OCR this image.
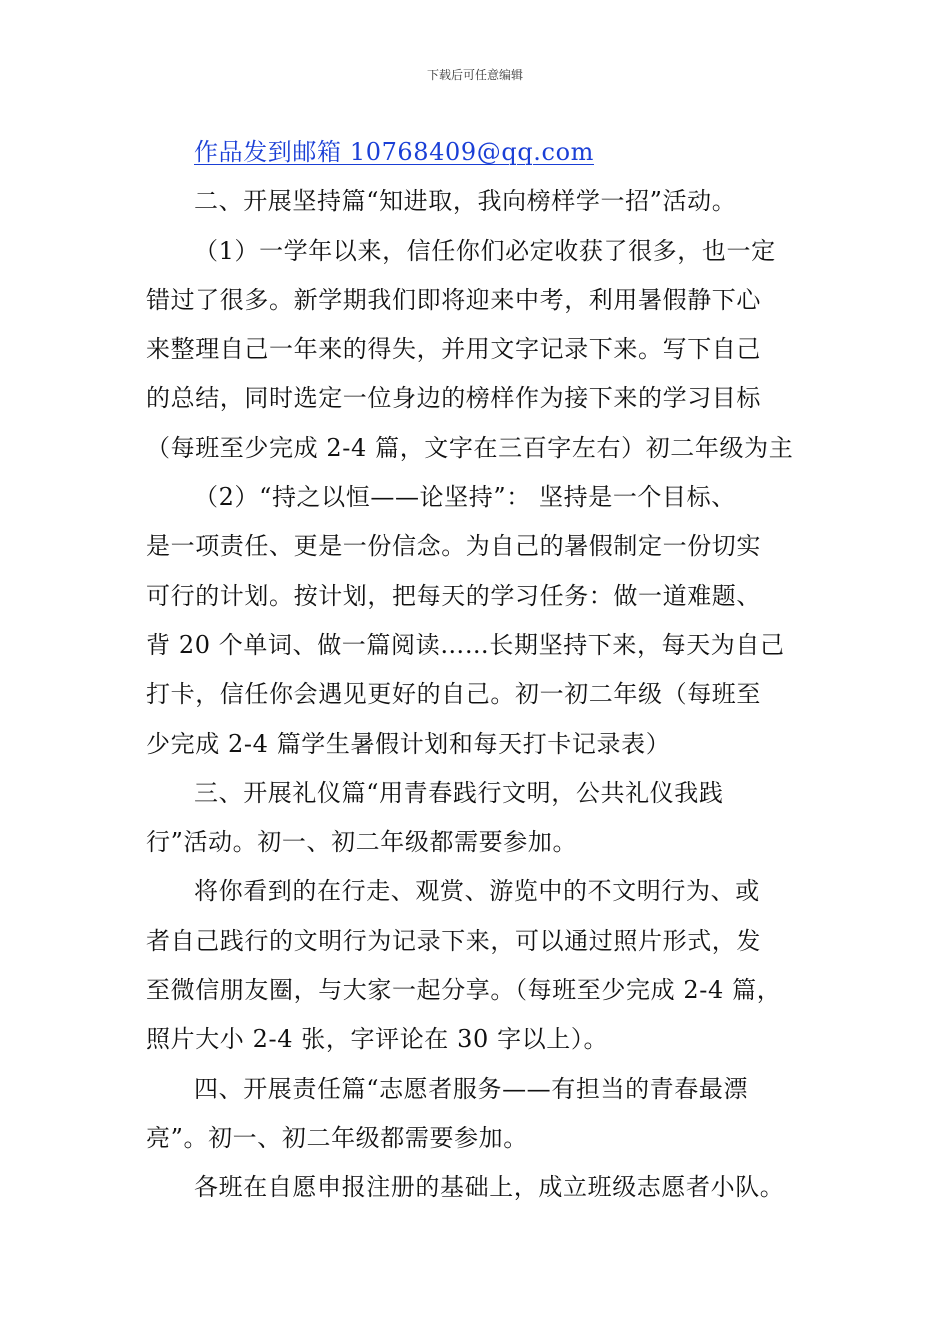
下载后可任意编辑
作品发到邮箱 10768409@qq.com
二、开展坚持篇“知进取，我向榜样学一招”活动。
（1）一学年以来，信任你们必定收获了很多，也一定
错过了很多。新学期我们即将迎来中考，利用暑假静下心
来整理自己一年来的得失，并用文字记录下来。写下自己
的总结，同时选定一位身边的榜样作为接下来的学习目标
（每班至少完成 2-4 篇，文字在三百字左右）初二年级为主
（2）“持之以恒——论坚持”： 坚持是一个目标、
是一项责任、更是一份信念。为自己的暑假制定一份切实
可行的计划。按计划，把每天的学习任务：做一道难题、
背 20 个单词、做一篇阅读……长期坚持下来，每天为自己
打卡，信任你会遇见更好的自己。初一初二年级（每班至
少完成 2-4 篇学生暑假计划和每天打卡记录表）
三、开展礼仪篇“用青春践行文明，公共礼仪我践
行”活动。初一、初二年级都需要参加。
将你看到的在行走、观赏、游览中的不文明行为、或
者自己践行的文明行为记录下来，可以通过照片形式，发
至微信朋友圈，与大家一起分享。（每班至少完成 2-4 篇，
照片大小 2-4 张，字评论在 30 字以上）。
四、开展责任篇“志愿者服务——有担当的青春最漂
亮”。初一、初二年级都需要参加。
各班在自愿申报注册的基础上，成立班级志愿者小队。
